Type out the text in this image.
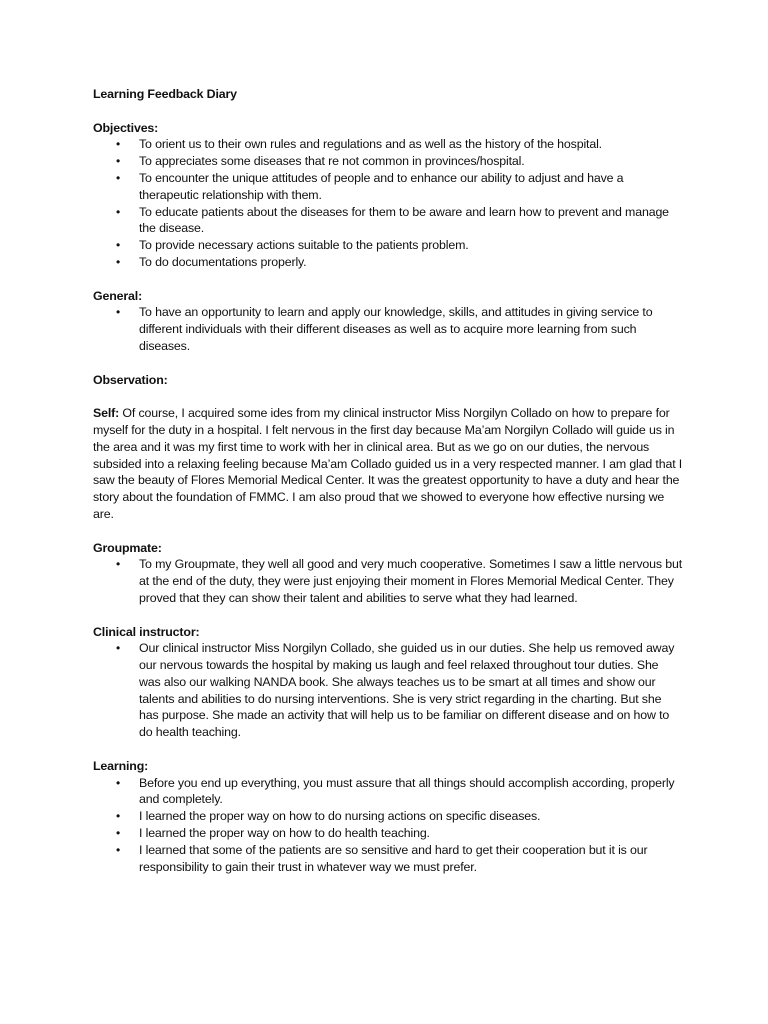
Learning Feedback Diary

Objectives:

• To orient us to their own rules and regulations and as well as the history of the hospital.
• To appreciates some diseases that re not common in provinces/hospital.
• To encounter the unique attitudes of people and to enhance our ability to adjust and have a therapeutic relationship with them.
• To educate patients about the diseases for them to be aware and learn how to prevent and manage the disease.
• To provide necessary actions suitable to the patients problem.
• To do documentations properly.

General:

• To have an opportunity to learn and apply our knowledge, skills, and attitudes in giving service to different individuals with their different diseases as well as to acquire more learning from such diseases.

Observation:

Self: Of course, I acquired some ides from my clinical instructor Miss Norgilyn Collado on how to prepare for myself for the duty in a hospital. I felt nervous in the first day because Ma’am Norgilyn Collado will guide us in the area and it was my first time to work with her in clinical area. But as we go on our duties, the nervous subsided into a relaxing feeling because Ma’am Collado guided us in a very respected manner. I am glad that I saw the beauty of Flores Memorial Medical Center. It was the greatest opportunity to have a duty and hear the story about the foundation of FMMC. I am also proud that we showed to everyone how effective nursing we are.

Groupmate:

• To my Groupmate, they well all good and very much cooperative. Sometimes I saw a little nervous but at the end of the duty, they were just enjoying their moment in Flores Memorial Medical Center. They proved that they can show their talent and abilities to serve what they had learned.

Clinical instructor:

• Our clinical instructor Miss Norgilyn Collado, she guided us in our duties. She help us removed away our nervous towards the hospital by making us laugh and feel relaxed throughout tour duties. She was also our walking NANDA book. She always teaches us to be smart at all times and show our talents and abilities to do nursing interventions. She is very strict regarding in the charting. But she has purpose. She made an activity that will help us to be familiar on different disease and on how to do health teaching.

Learning:

• Before you end up everything, you must assure that all things should accomplish according, properly and completely.
• I learned the proper way on how to do nursing actions on specific diseases.
• I learned the proper way on how to do health teaching.
• I learned that some of the patients are so sensitive and hard to get their cooperation but it is our responsibility to gain their trust in whatever way we must prefer.
